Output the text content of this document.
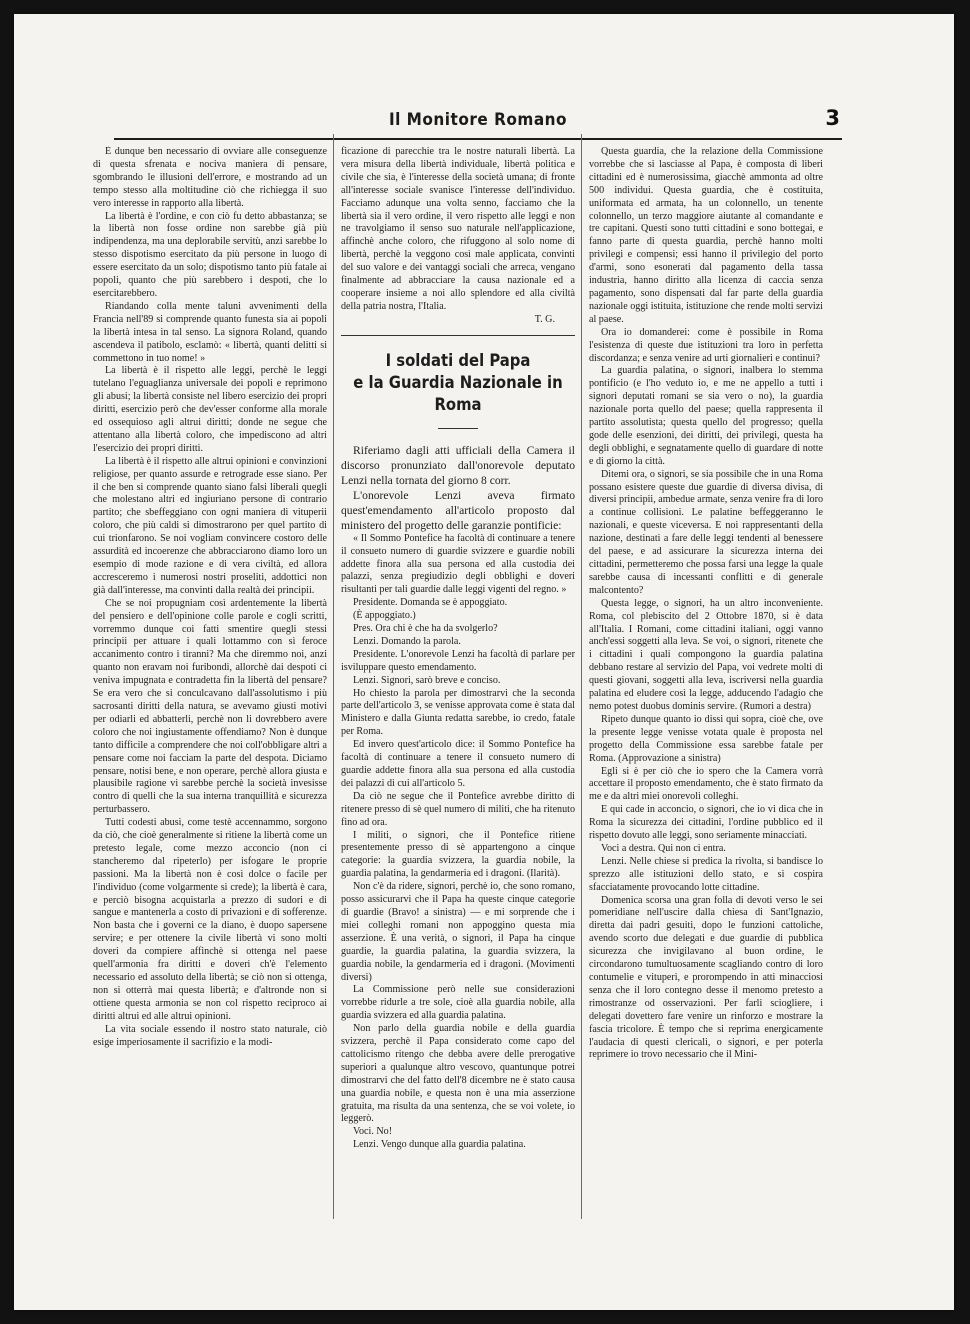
Il Monitore Romano	3

È dunque ben necessario di ovviare alle conseguenze di questa sfrenata e nociva maniera di pensare, sgombrando le illusioni dell'errore, e mostrando ad un tempo stesso alla moltitudine ciò che richiegga il suo vero interesse in rapporto alla libertà.

La libertà è l'ordine, e con ciò fu detto abbastanza; se la libertà non fosse ordine non sarebbe già più indipendenza, ma una deplorabile servitù, anzi sarebbe lo stesso dispotismo esercitato da più persone in luogo di essere esercitato da un solo; dispotismo tanto più fatale ai popoli, quanto che più sarebbero i despoti, che lo esercitarebbero.

Riandando colla mente taluni avvenimenti della Francia nell'89 si comprende quanto funesta sia ai popoli la libertà intesa in tal senso. La signora Roland, quando ascendeva il patibolo, esclamò: « libertà, quanti delitti si commettono in tuo nome! »

La libertà è il rispetto alle leggi, perchè le leggi tutelano l'eguaglianza universale dei popoli e reprimono gli abusi; la libertà consiste nel libero esercizio dei propri diritti, esercizio però che dev'esser conforme alla morale ed ossequioso agli altrui diritti; donde ne segue che attentano alla libertà coloro, che impediscono ad altri l'esercizio dei propri diritti.

La libertà è il rispetto alle altrui opinioni e convinzioni religiose, per quanto assurde e retrograde esse siano. Per il che ben si comprende quanto siano falsi liberali quegli che molestano altri ed ingiuriano persone di contrario partito; che sbeffeggiano con ogni maniera di vituperii coloro, che più caldi si dimostrarono per quel partito di cui trionfarono. Se noi vogliam convincere costoro delle assurdità ed incoerenze che abbracciarono diamo loro un esempio di mode razione e di vera civiltà, ed allora accresceremo i numerosi nostri proseliti, addottici non già dall'interesse, ma convinti dalla realtà dei principii.

Che se noi propugniam così ardentemente la libertà del pensiero e dell'opinione colle parole e cogli scritti, vorremmo dunque coi fatti smentire quegli stessi principii per attuare i quali lottammo con sì feroce accanimento contro i tiranni? Ma che diremmo noi, anzi quanto non eravam noi furibondi, allorchè dai despoti ci veniva impugnata e contradetta fin la libertà del pensare? Se era vero che si conculcavano dall'assolutismo i più sacrosanti diritti della natura, se avevamo giusti motivi per odiarli ed abbatterli, perchè non li dovrebbero avere coloro che noi ingiustamente offendiamo? Non è dunque tanto difficile a comprendere che noi coll'obbligare altri a pensare come noi facciam la parte del despota. Diciamo pensare, notisi bene, e non operare, perchè allora giusta e plausibile ragione vi sarebbe perchè la società invesisse contro di quelli che la sua interna tranquillità e sicurezza perturbassero.

Tutti codesti abusi, come testè accennammo, sorgono da ciò, che cioè generalmente si ritiene la libertà come un pretesto legale, come mezzo acconcio (non ci stancheremo dal ripeterlo) per isfogare le proprie passioni. Ma la libertà non è così dolce o facile per l'individuo (come volgarmente si crede); la libertà è cara, e perciò bisogna acquistarla a prezzo di sudori e di sangue e mantenerla a costo di privazioni e di sofferenze. Non basta che i governi ce la diano, è duopo sapersene servire; e per ottenere la civile libertà vi sono molti doveri da compiere affinchè si ottenga nel paese quell'armonia fra diritti e doveri ch'è l'elemento necessario ed assoluto della libertà; se ciò non si ottenga, non si otterrà mai questa libertà; e d'altronde non si ottiene questa armonia se non col rispetto reciproco ai diritti altrui ed alle altrui opinioni.

La vita sociale essendo il nostro stato naturale, ciò esige imperiosamente il sacrifizio e la modi-

ficazione di parecchie tra le nostre naturali libertà. La vera misura della libertà individuale, libertà politica e civile che sia, è l'interesse della società umana; di fronte all'interesse sociale svanisce l'interesse dell'individuo. Facciamo adunque una volta senno, facciamo che la libertà sia il vero ordine, il vero rispetto alle leggi e non ne travolgiamo il senso suo naturale nell'applicazione, affinchè anche coloro, che rifuggono al solo nome di libertà, perchè la veggono così male applicata, convinti del suo valore e dei vantaggi sociali che arreca, vengano finalmente ad abbracciare la causa nazionale ed a cooperare insieme a noi allo splendore ed alla civiltà della patria nostra, l'Italia.

T. G.

I soldati del Papa
e la Guardia Nazionale in Roma

Riferiamo dagli atti ufficiali della Camera il discorso pronunziato dall'onorevole deputato Lenzi nella tornata del giorno 8 corr.

L'onorevole Lenzi aveva firmato quest'emendamento all'articolo proposto dal ministero del progetto delle garanzie pontificie:

« Il Sommo Pontefice ha facoltà di continuare a tenere il consueto numero di guardie svizzere e guardie nobili addette finora alla sua persona ed alla custodia dei palazzi, senza pregiudizio degli obblighi e doveri risultanti per tali guardie dalle leggi vigenti del regno. »

Presidente. Domanda se è appoggiato.

(È appoggiato.)

Pres. Ora chi è che ha da svolgerlo?

Lenzi. Domando la parola.

Presidente. L'onorevole Lenzi ha facoltà di parlare per isviluppare questo emendamento.

Lenzi. Signori, sarò breve e conciso.

Ho chiesto la parola per dimostrarvi che la seconda parte dell'articolo 3, se venisse approvata come è stata dal Ministero e dalla Giunta redatta sarebbe, io credo, fatale per Roma.

Ed invero quest'articolo dice: il Sommo Pontefice ha facoltà di continuare a tenere il consueto numero di guardie addette finora alla sua persona ed alla custodia dei palazzi di cui all'articolo 5.

Da ciò ne segue che il Pontefice avrebbe diritto di ritenere presso di sè quel numero di militi, che ha ritenuto fino ad ora.

I militi, o signori, che il Pontefice ritiene presentemente presso di sè appartengono a cinque categorie: la guardia svizzera, la guardia nobile, la guardia palatina, la gendarmeria ed i dragoni. (Ilarità).

Non c'è da ridere, signori, perchè io, che sono romano, posso assicurarvi che il Papa ha queste cinque categorie di guardie (Bravo! a sinistra) — e mi sorprende che i miei colleghi romani non appoggino questa mia asserzione. È una verità, o signori, il Papa ha cinque guardie, la guardia palatina, la guardia svizzera, la guardia nobile, la gendarmeria ed i dragoni. (Movimenti diversi)

La Commissione però nelle sue considerazioni vorrebbe ridurle a tre sole, cioè alla guardia nobile, alla guardia svizzera ed alla guardia palatina.

Non parlo della guardia nobile e della guardia svizzera, perchè il Papa considerato come capo del cattolicismo ritengo che debba avere delle prerogative superiori a qualunque altro vescovo, quantunque potrei dimostrarvi che del fatto dell'8 dicembre ne è stato causa una guardia nobile, e questa non è una mia asserzione gratuita, ma risulta da una sentenza, che se voi volete, io leggerò.

Voci. No!

Lenzi. Vengo dunque alla guardia palatina.

Questa guardia, che la relazione della Commissione vorrebbe che si lasciasse al Papa, è composta di liberi cittadini ed è numerosissima, giacchè ammonta ad oltre 500 individui. Questa guardia, che è costituita, uniformata ed armata, ha un colonnello, un tenente colonnello, un terzo maggiore aiutante al comandante e tre capitani. Questi sono tutti cittadini e sono bottegai, e fanno parte di questa guardia, perchè hanno molti privilegi e compensi; essi hanno il privilegio del porto d'armi, sono esonerati dal pagamento della tassa industria, hanno diritto alla licenza di caccia senza pagamento, sono dispensati dal far parte della guardia nazionale oggi istituita, istituzione che rende molti servizi al paese.

Ora io domanderei: come è possibile in Roma l'esistenza di queste due istituzioni tra loro in perfetta discordanza; e senza venire ad urti giornalieri e continui?

La guardia palatina, o signori, inalbera lo stemma pontificio (e l'ho veduto io, e me ne appello a tutti i signori deputati romani se sia vero o no), la guardia nazionale porta quello del paese; quella rappresenta il partito assolutista; questa quello del progresso; quella gode delle esenzioni, dei diritti, dei privilegi, questa ha degli obblighi, e segnatamente quello di guardare di notte e di giorno la città.

Ditemi ora, o signori, se sia possibile che in una Roma possano esistere queste due guardie di diversa divisa, di diversi principii, ambedue armate, senza venire fra di loro a continue collisioni. Le palatine beffeggeranno le nazionali, e queste viceversa. E noi rappresentanti della nazione, destinati a fare delle leggi tendenti al benessere del paese, e ad assicurare la sicurezza interna dei cittadini, permetteremo che possa farsi una legge la quale sarebbe causa di incessanti conflitti e di generale malcontento?

Questa legge, o signori, ha un altro inconveniente. Roma, col plebiscito del 2 Ottobre 1870, si è data all'Italia. I Romani, come cittadini italiani, oggi vanno anch'essi soggetti alla leva. Se voi, o signori, ritenete che i cittadini i quali compongono la guardia palatina debbano restare al servizio del Papa, voi vedrete molti di questi giovani, soggetti alla leva, iscriversi nella guardia palatina ed eludere così la legge, adducendo l'adagio che nemo potest duobus dominis servire. (Rumori a destra)

Ripeto dunque quanto io dissi qui sopra, cioè che, ove la presente legge venisse votata quale è proposta nel progetto della Commissione essa sarebbe fatale per Roma. (Approvazione a sinistra)

Egli si è per ciò che io spero che la Camera vorrà accettare il proposto emendamento, che è stato firmato da me e da altri miei onorevoli colleghi.

E qui cade in acconcio, o signori, che io vi dica che in Roma la sicurezza dei cittadini, l'ordine pubblico ed il rispetto dovuto alle leggi, sono seriamente minacciati.

Voci a destra. Qui non ci entra.

Lenzi. Nelle chiese si predica la rivolta, si bandisce lo sprezzo alle istituzioni dello stato, e si cospira sfacciatamente provocando lotte cittadine.

Domenica scorsa una gran folla di devoti verso le sei pomeridiane nell'uscire dalla chiesa di Sant'Ignazio, diretta dai padri gesuiti, dopo le funzioni cattoliche, avendo scorto due delegati e due guardie di pubblica sicurezza che invigilavano al buon ordine, le circondarono tumultuosamente scagliando contro di loro contumelie e vituperi, e prorompendo in atti minacciosi senza che il loro contegno desse il menomo pretesto a rimostranze od osservazioni. Per farli sciogliere, i delegati dovettero fare venire un rinforzo e mostrare la fascia tricolore. È tempo che si reprima energicamente l'audacia di questi clericali, o signori, e per poterla reprimere io trovo necessario che il Mini-
